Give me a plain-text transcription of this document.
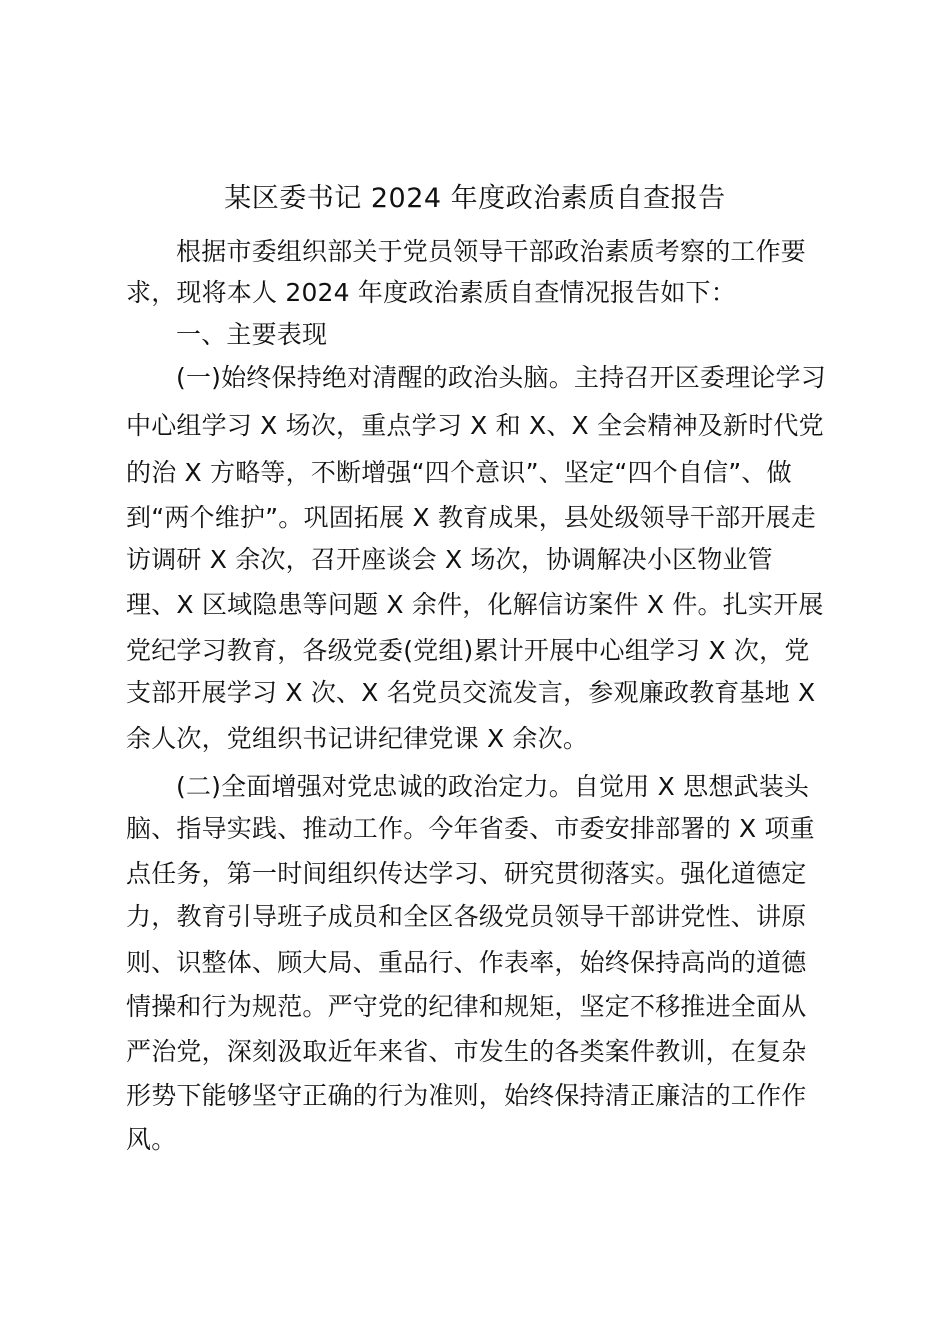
某区委书记 2024 年度政治素质自查报告
根据市委组织部关于党员领导干部政治素质考察的工作要
求，现将本人 2024 年度政治素质自查情况报告如下：
一、主要表现
(一)始终保持绝对清醒的政治头脑。主持召开区委理论学习
中心组学习 X 场次，重点学习 X 和 X、X 全会精神及新时代党
的治 X 方略等，不断增强“四个意识”、坚定“四个自信”、做
到“两个维护”。巩固拓展 X 教育成果，县处级领导干部开展走
访调研 X 余次，召开座谈会 X 场次，协调解决小区物业管
理、X 区域隐患等问题 X 余件，化解信访案件 X 件。扎实开展
党纪学习教育，各级党委(党组)累计开展中心组学习 X 次，党
支部开展学习 X 次、X 名党员交流发言，参观廉政教育基地 X
余人次，党组织书记讲纪律党课 X 余次。
(二)全面增强对党忠诚的政治定力。自觉用 X 思想武装头
脑、指导实践、推动工作。今年省委、市委安排部署的 X 项重
点任务，第一时间组织传达学习、研究贯彻落实。强化道德定
力，教育引导班子成员和全区各级党员领导干部讲党性、讲原
则、识整体、顾大局、重品行、作表率，始终保持高尚的道德
情操和行为规范。严守党的纪律和规矩，坚定不移推进全面从
严治党，深刻汲取近年来省、市发生的各类案件教训，在复杂
形势下能够坚守正确的行为准则，始终保持清正廉洁的工作作
风。
